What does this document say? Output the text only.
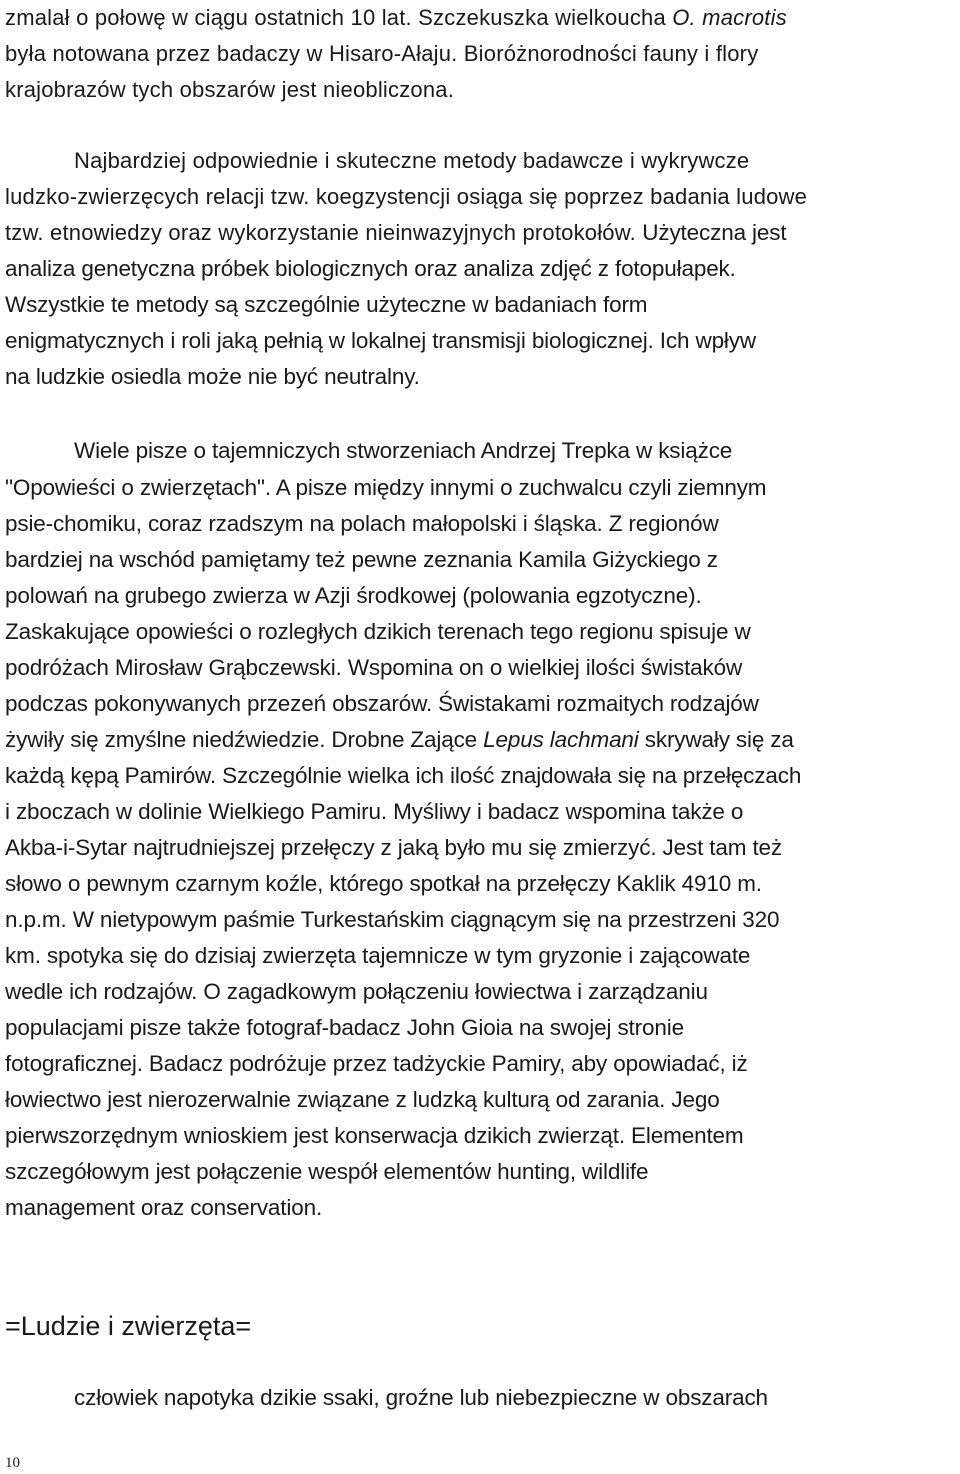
zmalał o połowę w ciągu ostatnich 10 lat. Szczekuszka wielkoucha O. macrotis
była notowana przez badaczy w Hisaro-Ałaju. Bioróżnorodności fauny i flory
krajobrazów tych obszarów jest nieobliczona.
Najbardziej odpowiednie i skuteczne metody badawcze i wykrywcze
ludzko-zwierzęcych relacji tzw. koegzystencji osiąga się poprzez badania ludowe
tzw. etnowiedzy oraz wykorzystanie nieinwazyjnych protokołów. Użyteczna jest
analiza genetyczna próbek biologicznych oraz analiza zdjęć z fotopułapek.
Wszystkie te metody są szczególnie użyteczne w badaniach form
enigmatycznych i roli jaką pełnią w lokalnej transmisji biologicznej. Ich wpływ
na ludzkie osiedla może nie być neutralny.
Wiele pisze o tajemniczych stworzeniach Andrzej Trepka w książce
"Opowieści o zwierzętach". A pisze między innymi o zuchwalcu czyli ziemnym
psie-chomiku, coraz rzadszym na polach małopolski i śląska. Z regionów
bardziej na wschód pamiętamy też pewne zeznania Kamila Giżyckiego z
polowań na grubego zwierza w Azji środkowej (polowania egzotyczne).
Zaskakujące opowieści o rozległych dzikich terenach tego regionu spisuje w
podróżach Mirosław Grąbczewski. Wspomina on o wielkiej ilości świstaków
podczas pokonywanych przezeń obszarów. Świstakami rozmaitych rodzajów
żywiły się zmyślne niedźwiedzie. Drobne Zające Lepus lachmani skrywały się za
każdą kępą Pamirów. Szczególnie wielka ich ilość znajdowała się na przełęczach
i zboczach w dolinie Wielkiego Pamiru. Myśliwy i badacz wspomina także o
Akba-i-Sytar najtrudniejszej przełęczy z jaką było mu się zmierzyć. Jest tam też
słowo o pewnym czarnym koźle, którego spotkał na przełęczy Kaklik 4910 m.
n.p.m. W nietypowym paśmie Turkestańskim ciągnącym się na przestrzeni 320
km. spotyka się do dzisiaj zwierzęta tajemnicze w tym gryzonie i zającowate
wedle ich rodzajów. O zagadkowym połączeniu łowiectwa i zarządzaniu
populacjami pisze także fotograf-badacz John Gioia na swojej stronie
fotograficznej. Badacz podróżuje przez tadżyckie Pamiry, aby opowiadać, iż
łowiectwo jest nierozerwalnie związane z ludzką kulturą od zarania. Jego
pierwszorzędnym wnioskiem jest konserwacja dzikich zwierząt. Elementem
szczegółowym jest połączenie wespół elementów hunting, wildlife
management oraz conservation.
=Ludzie i zwierzęta=
człowiek napotyka dzikie ssaki, groźne lub niebezpieczne w obszarach
10
